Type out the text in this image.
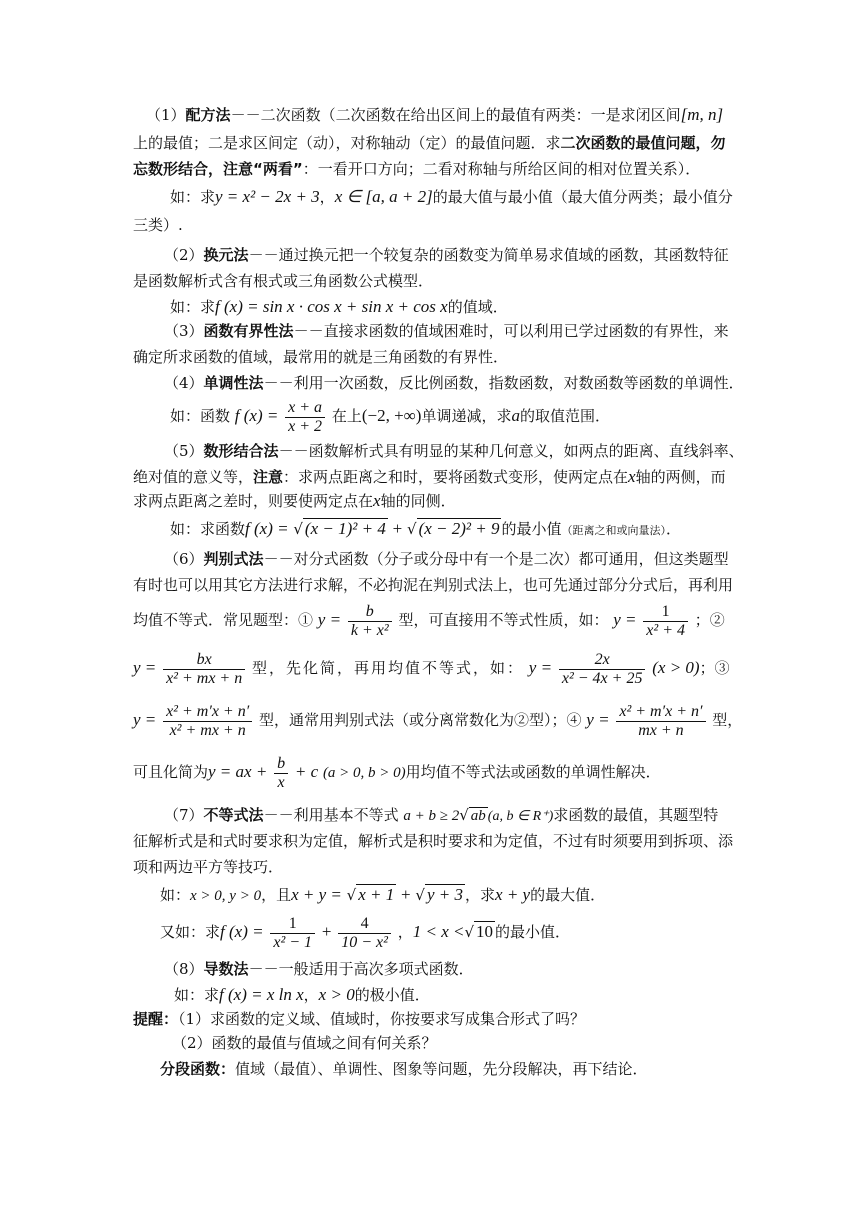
（1）配方法－－二次函数（二次函数在给出区间上的最值有两类：一是求闭区间[m, n]
上的最值；二是求区间定（动），对称轴动（定）的最值问题．求二次函数的最值问题，勿
忘数形结合，注意“两看”：一看开口方向；二看对称轴与所给区间的相对位置关系）．
如：求y = x² − 2x + 3，x ∈ [a, a + 2]的最大值与最小值（最大值分两类；最小值分
三类）.
（2）换元法－－通过换元把一个较复杂的函数变为简单易求值域的函数，其函数特征
是函数解析式含有根式或三角函数公式模型．
如：求f (x) = sin x · cos x + sin x + cos x的值域．
（3）函数有界性法－－直接求函数的值域困难时，可以利用已学过函数的有界性，来
确定所求函数的值域，最常用的就是三角函数的有界性．
（4）单调性法－－利用一次函数，反比例函数，指数函数，对数函数等函数的单调性．
如：函数 f $(x) = \frac{x + a}{x + 2}$ 在上(−2, +∞)单调递减，求a的取值范围．
（5）数形结合法－－函数解析式具有明显的某种几何意义，如两点的距离、直线斜率、
绝对值的意义等，注意：求两点距离之和时，要将函数式变形，使两定点在x轴的两侧，而
求两点距离之差时，则要使两定点在x轴的同侧．
如：求函数f (x) = √ (x − 1)² + 4 + √ (x − 2)² + 9 的最小值（距离之和或向量法）．
（6）判别式法－－对分式函数（分子或分母中有一个是二次）都可通用，但这类题型
有时也可以用其它方法进行求解，不必拘泥在判别式法上，也可先通过部分分式后，再利用
均值不等式．常见题型：① $y = \frac{b}{\text{k + x²}}$ 型，可直接用不等式性质，如： $y = \frac{1}{\text{x² + 4}}$ ；②
$y = \frac{bx}{\text{x² + mx + n}}$ 型，先化简，再用均值不等式，如： $y = \frac{2x}{\text{x² − 4x + 25}} (x > 0)$；③
$y = \frac{\text{x² + m′x + n′}}{\text{x² + mx + n}}$ 型，通常用判别式法（或分离常数化为②型）；④ $y = \frac{\text{x² + m′x + n′}}{mx + n}$ 型，
可且化简为y = ax + $\frac{b}{x} + c$ (a > 0, b > 0)用均值不等式法或函数的单调性解决．
（7）不等式法－－利用基本不等式 a + b ≥ 2√ ab (a, b ∈ R⁺)求函数的最值，其题型特
征解析式是和式时要求积为定值，解析式是积时要求和为定值，不过有时须要用到拆项、添
项和两边平方等技巧．
如：x > 0, y > 0，且x + y = √ x + 1 + √ y + 3 ，求x + y的最大值．
又如：求f $(x) = \frac{1}{\text{x² − 1}} + \frac{4}{\text{10 − x²}}$ ，1 < x <√ 10 的最小值．
（8）导数法－－一般适用于高次多项式函数．
如：求f (x) = x ln x，x > 0的极小值．
提醒：（1）求函数的定义域、值域时，你按要求写成集合形式了吗？
（2）函数的最值与值域之间有何关系？
分段函数：值域（最值）、单调性、图象等问题，先分段解决，再下结论．
